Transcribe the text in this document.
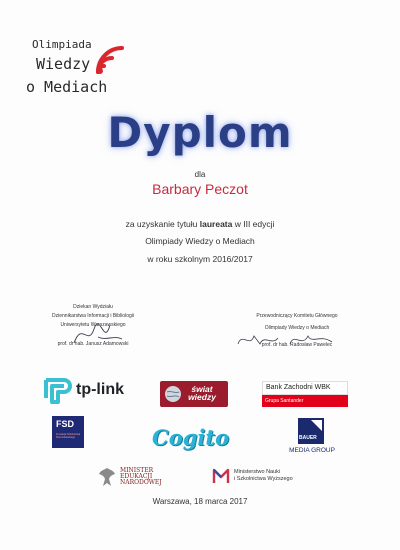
Olimpiada
Wiedzy
o Mediach
Dyplom
dla
Barbary Peczot
za uzyskanie tytułu laureata w III edycji
Olimpiady Wiedzy o Mediach
w roku szkolnym 2016/2017
Dziekan Wydziału
Dziennikarstwa Informacji i Bibliologii
Uniwersytetu Warszawskiego
prof. dr hab. Janusz Adamowski
Przewodniczący Komitetu Głównego
Olimpiady Wiedzy o Mediach
prof. dr hab. Radosław Pawelec
tp-link	świat wiedzy
Bank Zachodni WBK
Grupa Santander
FSD
Fundacja Szkolnictwa Dziennikarskiego	Cogito	BAUER
MEDIA GROUP
MINISTER
EDUKACJI
NARODOWEJ
Ministerstwo Nauki
i Szkolnictwa Wyższego
Warszawa, 18 marca 2017
